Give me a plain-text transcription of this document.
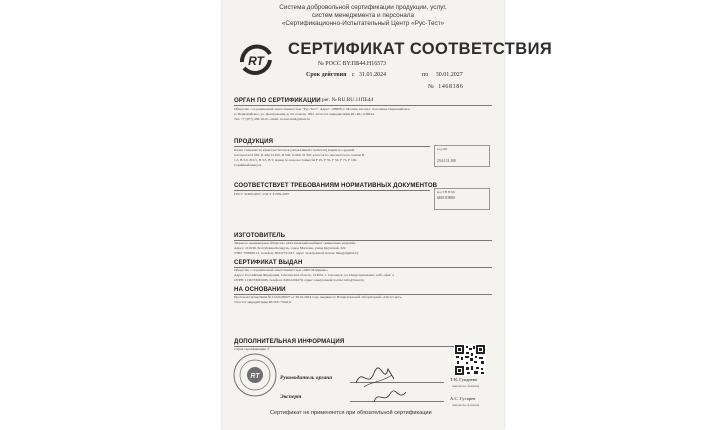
Система добровольной сертификации продукции, услуг,
систем менеджмента и персонала
«Сертификационно-Испытательный Центр «Рус-Тест»
RT
СЕРТИФИКАТ СООТВЕТСТВИЯ
№ РОСС BY.ПБ44.Н16573
Срок действия с 31.01.2024	по 30.01.2027
№ 1468186
ОРГАН ПО СЕРТИФИКАЦИИ рег. № RU.RU.11ПБ44
Общество с ограниченной ответственностью "Рус-Тест". Адрес: 108808, г. Москва, вн.тер.г. поселение Первомайское,
п. Первомайское, ул. Центральная, д. 24, помещ. 1ЕП. Аттестат аккредитации RU.RU.11ПБ44.
Тел. +7 (977) 482-16-01, email: ru-test-mail@mail.ru
ПРОДУКЦИЯ
Блоки стеновые из ячеистых бетонов (автоклавный газобетон) марки по средней
плотности D 350, D 400, D 450, D 500, D 600, D 700; классов по прочности на сжатие В
1,5, В 2,0, В 2,5, В 3,5, В 5; марки по морозостойкости F 25, F 35, F 50, F 75, F 100.
Серийный выпуск
код ОК
23.61.11.100
СООТВЕТСТВУЕТ ТРЕБОВАНИЯМ НОРМАТИВНЫХ ДОКУМЕНТОВ
ГОСТ 31360-2007, ГОСТ 31359-2007	код ТН ВЭД
6810119000
ИЗГОТОВИТЕЛЬ
Закрытое Акционерное Общество «Могилевский комбинат силикатных изделий»
Адрес: 212030, Республика Беларусь, город Могилев, улица Крупской, 224
УНП: 700008113, телефон: 80222721547, адрес электронной почты: mks@mglksi.by
СЕРТИФИКАТ ВЫДАН
Общество с ограниченной ответственностью «МЕСИ-Ярцево»
Адрес: Российская Федерация, Смоленская область, 214031, г. Смоленск, ул. Индустриальная, д.9б, офис 4
ОГРН: 1136733001698, телефон: 84812204479, адрес электронной почты: info@mesi.by
НА ОСНОВАНИИ
Протокола испытаний № СО24-00027 от 30.01.2024 года, выданного Испытательной лабораторией «Сити Серт»,
аттестат аккредитации RU.RU.75ОД11
ДОПОЛНИТЕЛЬНАЯ ИНФОРМАЦИЯ
Схема сертификации: 3
RT	Руководитель органа	Т.Н. Гуцарева
инициалы, фамилия
Эксперт	А.С. Гусарев
инициалы, фамилия
Сертификат не применяется при обязательной сертификации
